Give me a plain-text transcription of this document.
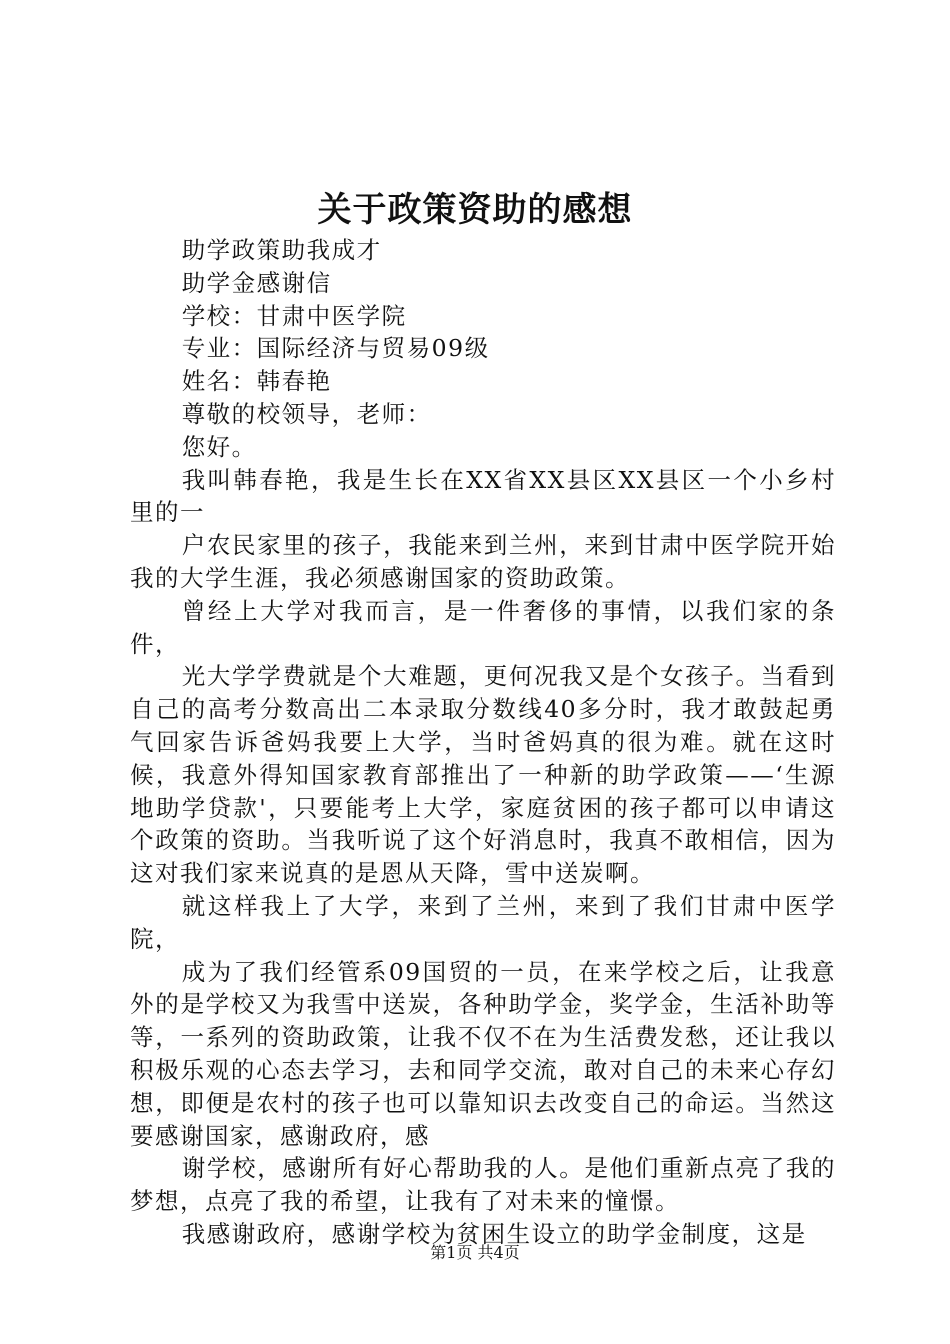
关于政策资助的感想

助学政策助我成才

助学金感谢信

学校：甘肃中医学院

专业：国际经济与贸易09级

姓名：韩春艳

尊敬的校领导，老师：

您好。

我叫韩春艳，我是生长在XX省XX县区XX县区一个小乡村里的一

户农民家里的孩子，我能来到兰州，来到甘肃中医学院开始我的大学生涯，我必须感谢国家的资助政策。

曾经上大学对我而言，是一件奢侈的事情，以我们家的条件，

光大学学费就是个大难题，更何况我又是个女孩子。当看到自己的高考分数高出二本录取分数线40多分时，我才敢鼓起勇气回家告诉爸妈我要上大学，当时爸妈真的很为难。就在这时候，我意外得知国家教育部推出了一种新的助学政策——‘生源地助学贷款'，只要能考上大学，家庭贫困的孩子都可以申请这个政策的资助。当我听说了这个好消息时，我真不敢相信，因为这对我们家来说真的是恩从天降，雪中送炭啊。

就这样我上了大学，来到了兰州，来到了我们甘肃中医学院，

成为了我们经管系09国贸的一员，在来学校之后，让我意外的是学校又为我雪中送炭，各种助学金，奖学金，生活补助等等，一系列的资助政策，让我不仅不在为生活费发愁，还让我以积极乐观的心态去学习，去和同学交流，敢对自己的未来心存幻想，即便是农村的孩子也可以靠知识去改变自己的命运。当然这要感谢国家，感谢政府，感

谢学校，感谢所有好心帮助我的人。是他们重新点亮了我的梦想，点亮了我的希望，让我有了对未来的憧憬。

我感谢政府，感谢学校为贫困生设立的助学金制度，这是

第1页 共4页
